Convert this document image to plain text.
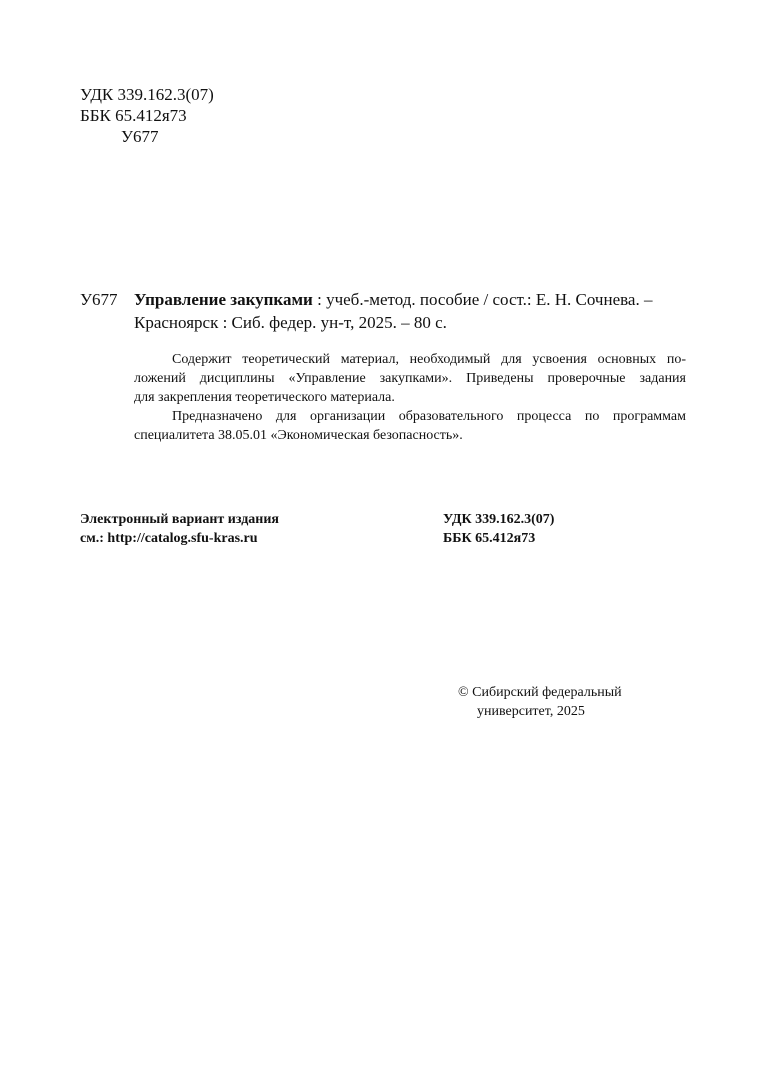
УДК 339.162.3(07)
ББК 65.412я73
У677
У677 Управление закупками : учеб.-метод. пособие / сост.: Е. Н. Сочнева. –
Красноярск : Сиб. федер. ун-т, 2025. – 80 с.
Содержит теоретический материал, необходимый для усвоения основных по-
ложений дисциплины «Управление закупками». Приведены проверочные задания
для закрепления теоретического материала.
Предназначено для организации образовательного процесса по программам
специалитета 38.05.01 «Экономическая безопасность».
Электронный вариант издания
см.: http://catalog.sfu-kras.ru
УДК 339.162.3(07)
ББК 65.412я73
© Сибирский федеральный
университет, 2025
